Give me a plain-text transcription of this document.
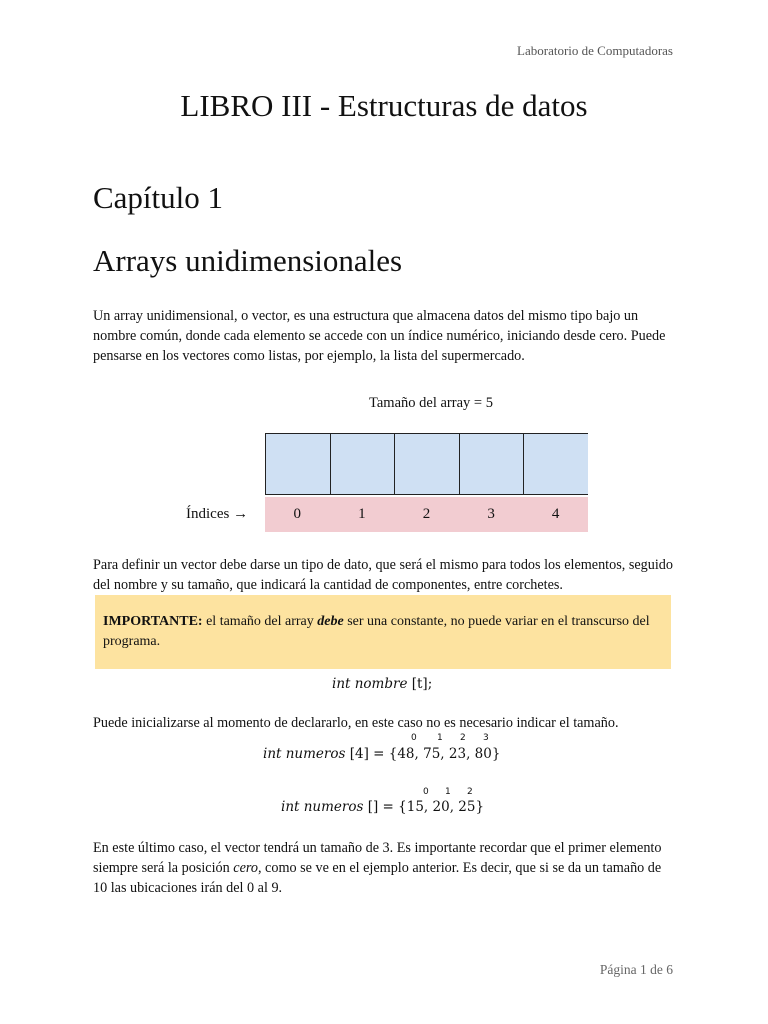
Laboratorio de Computadoras
LIBRO III - Estructuras de datos
Capítulo 1
Arrays unidimensionales
Un array unidimensional, o vector, es una estructura que almacena datos del mismo tipo bajo un nombre común, donde cada elemento se accede con un índice numérico, iniciando desde cero. Puede pensarse en los vectores como listas, por ejemplo, la lista del supermercado.
Tamaño del array = 5
Índices →	0	1	2	3	4
Para definir un vector debe darse un tipo de dato, que será el mismo para todos los elementos, seguido del nombre y su tamaño, que indicará la cantidad de componentes, entre corchetes.
IMPORTANTE: el tamaño del array debe ser una constante, no puede variar en el transcurso del programa.
int nombre [t];
Puede inicializarse al momento de declararlo, en este caso no es necesario indicar el tamaño.
0 1 2 3
int numeros [4] = {48, 75, 23, 80}
0 1 2
int numeros [] = {15, 20, 25}
En este último caso, el vector tendrá un tamaño de 3. Es importante recordar que el primer elemento siempre será la posición cero, como se ve en el ejemplo anterior. Es decir, que si se da un tamaño de 10 las ubicaciones irán del 0 al 9.
Página 1 de 6
